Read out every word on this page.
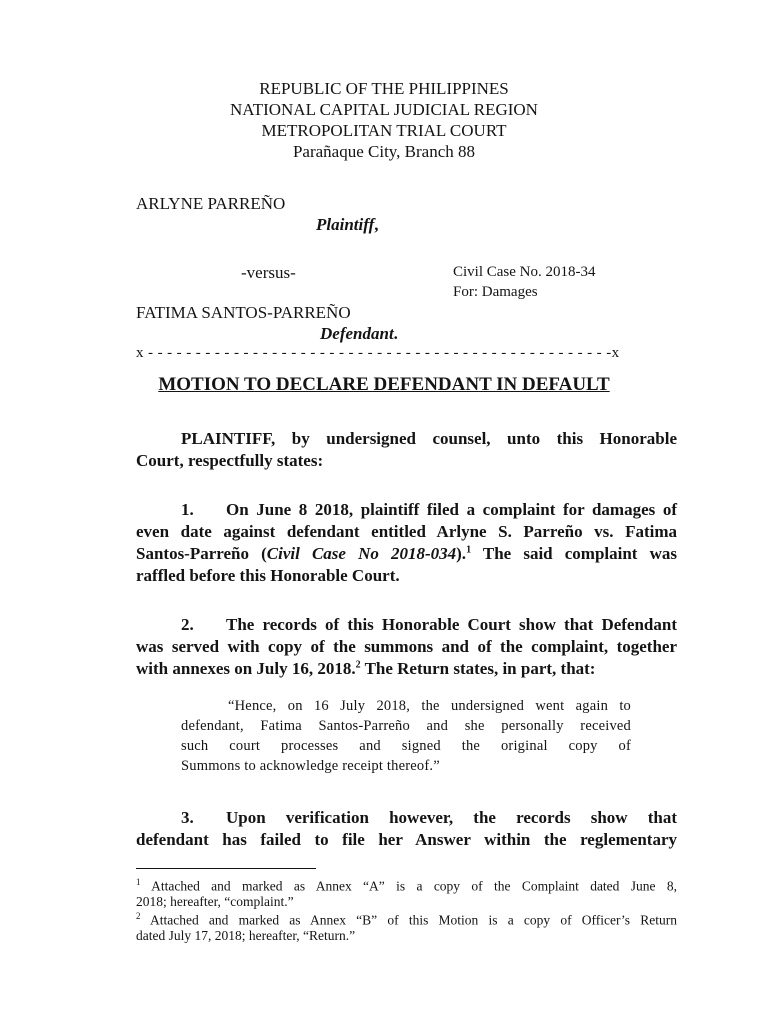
REPUBLIC OF THE PHILIPPINES
NATIONAL CAPITAL JUDICIAL REGION
METROPOLITAN TRIAL COURT
Parañaque City, Branch 88
ARLYNE PARREÑO
Plaintiff,
-versus-	Civil Case No. 2018-34
For: Damages
FATIMA SANTOS-PARREÑO
Defendant.
x - - - - - - - - - - - - - - - - - - - - - - - - - - - - - - - - - - - - - - - - - - - - - - - - -x
MOTION TO DECLARE DEFENDANT IN DEFAULT
PLAINTIFF, by undersigned counsel, unto this Honorable
Court, respectfully states:
1. On June 8 2018, plaintiff filed a complaint for damages of
even date against defendant entitled Arlyne S. Parreño vs. Fatima
Santos-Parreño (Civil Case No 2018-034).$^1$ The said complaint was
raffled before this Honorable Court.
2. The records of this Honorable Court show that Defendant
was served with copy of the summons and of the complaint, together
with annexes on July 16, 2018.$^2$ The Return states, in part, that:
“Hence, on 16 July 2018, the undersigned went again to
defendant, Fatima Santos-Parreño and she personally received
such court processes and signed the original copy of
Summons to acknowledge receipt thereof.”
3. Upon verification however, the records show that
defendant has failed to file her Answer within the reglementary
$^1$ Attached and marked as Annex “A” is a copy of the Complaint dated June 8,
2018; hereafter, “complaint.”
$^2$ Attached and marked as Annex “B” of this Motion is a copy of Officer’s Return
dated July 17, 2018; hereafter, “Return.”
